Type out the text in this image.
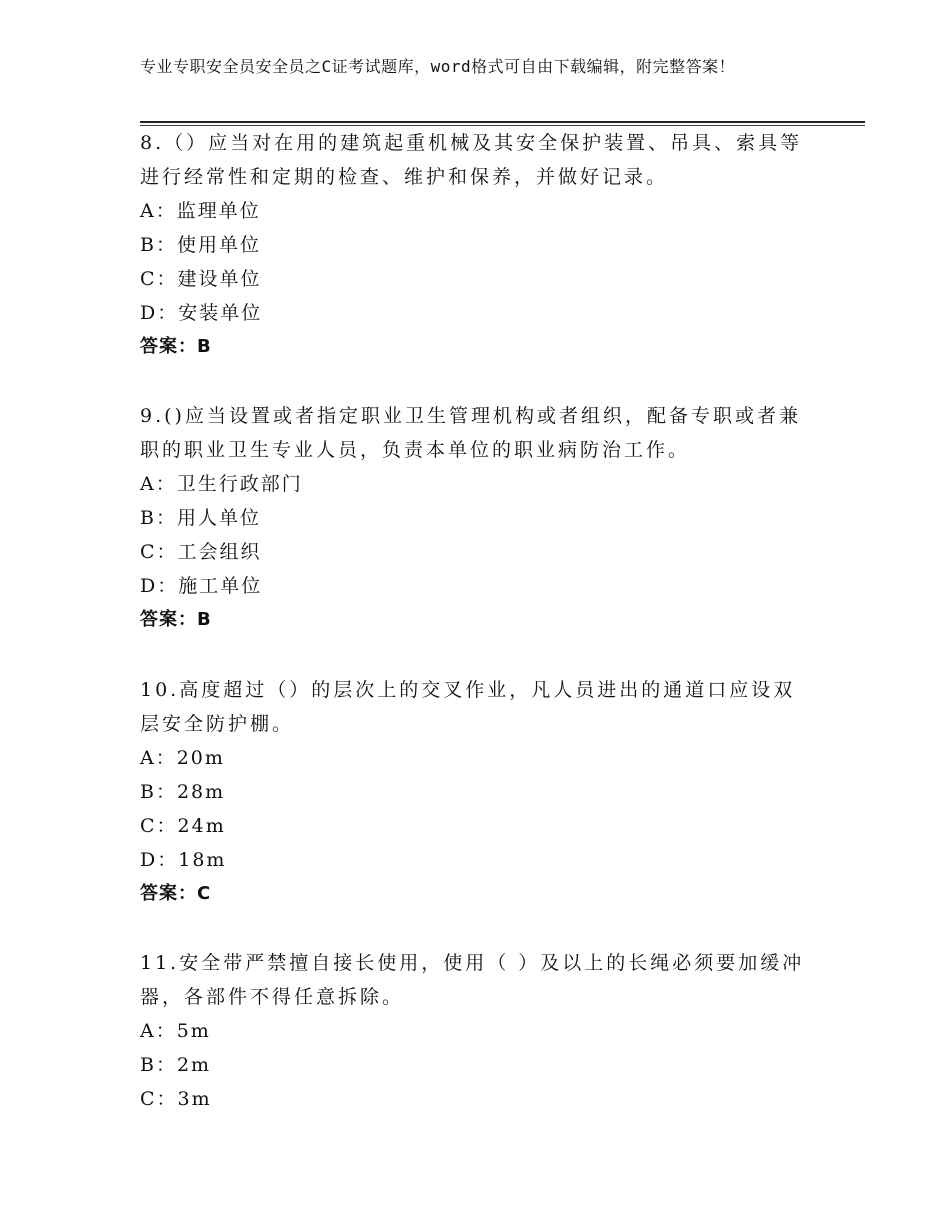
专业专职安全员安全员之C证考试题库，word格式可自由下载编辑，附完整答案！

8.（）应当对在用的建筑起重机械及其安全保护装置、吊具、索具等进行经常性和定期的检查、维护和保养，并做好记录。

A：监理单位

B：使用单位

C：建设单位

D：安装单位

答案：B

9.()应当设置或者指定职业卫生管理机构或者组织，配备专职或者兼职的职业卫生专业人员，负责本单位的职业病防治工作。

A：卫生行政部门

B：用人单位

C：工会组织

D：施工单位

答案：B

10.高度超过（）的层次上的交叉作业，凡人员进出的通道口应设双层安全防护棚。

A：20m

B：28m

C：24m

D：18m

答案：C

11.安全带严禁擅自接长使用，使用（ ）及以上的长绳必须要加缓冲器，各部件不得任意拆除。

A：5m

B：2m

C：3m
